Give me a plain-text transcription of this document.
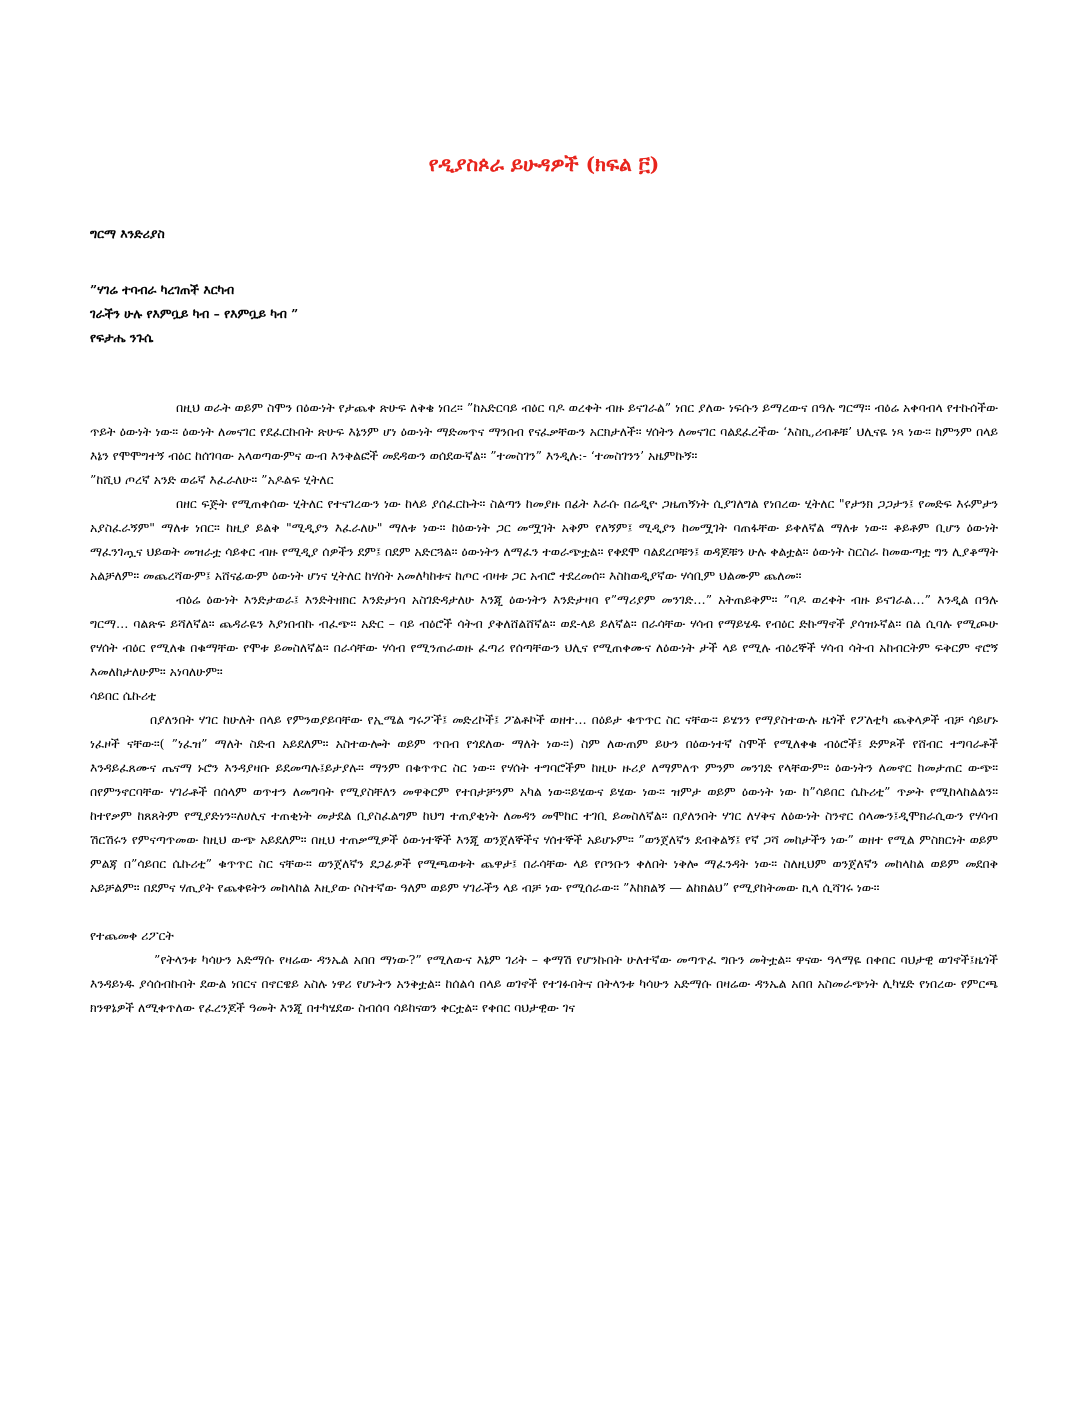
የዲያስጶራ ይሁዳዎች (ክፍል ፫)
ግርማ እንድሪያስ
”ሃገሬ ተባብራ ካረገጠች እርካብ
ገራችን ሁሉ የእምቧይ ካብ – የእምቧይ ካብ ”
የፍታሔ ንጉሴ

በዚህ ወራት ወይም ስሞን በዕውነት የታጨቀ ጽሁፍ ለቅቄ ነበረ። ”ከአድርባይ ብዕር ባዶ ወረቀት ብዙ ይናገራል” ነበር ያለው ነፍሱን ይማረውና በዓሉ ግርማ። ብዕሬ አቀባብላ የተኩሰችው ጥይት ዕውነት ነው። ዕውነት ለመናገር የደፈርኩበት ጽሁፍ እኔንም ሆነ ዕውነት ማድመጥና ማንበብ የናፈቃቸውን አርክታለች። ሃሰትን ለመናገር ባልደፈረችው ‘እስኪ,ሪብቶቹ’ ህሊናዬ ነጻ ነው። ከምንም በላይ እኔን የሞሞግተኝ ብዕር ከሰገባው አላወጣውምና ውብ እንቅልፎች መደዳውን ወሰደውኛል። ”ተመስገን” እንዲሉ:- ‘ተመስገንን’ አዜምኩኝ።

”ከሺህ ጦረኛ አንድ ወሬኛ እፈራለሁ። ”አዶልፍ ሂትለር

በዘር ፍጅት የሚጠቀሰው ሂትለር የተናገረውን ነው ከላይ ያሰፈርኩት። ስልጣን ከመያዙ በፊት እራሱ በሬዲዮ ጋዜጠኝነት ሲያገለግል የነበረው ሂትለር "የታንክ ጋጋታን፤ የመድፍ እሩምታን አያስፈራኝም" ማለቱ ነበር። ከዚያ ይልቅ "ሚዲያን እፈራለሁ" ማለቱ ነው። ከዕውነት ጋር መሟገት አቅም የለኝም፤ ሚዲያን ከመሟገት ባጠፋቸው ይቀለኛል ማለቱ ነው። ቆይቶም ቢሆን ዕውነት ማፈንገጧና ህይወት መዝራቷ ሳይቀር ብዙ የሚዲያ ሰዎችን ደም፤ በደም አድርጓል። ዕውነትን ለማፈን ተወራጭቷል። የቀደሞ ባልደረቦቹን፤ ወዳጆቹን ሁሉ ቀልቷል። ዕውነት ስርስራ ከመውጣቷ ግን ሊያቆማት አልቻለም። መጨረሻውም፤ አሸናፊውም ዕውነት ሆነና ሂትለር ከሃሰት አመለካከቱና ከጦር ብዛቱ ጋር አብሮ ተደረመሰ። እስከወዲያኛው ሃሳቢም ህልሙም ጨለመ።

ብዕሬ ዕውነት እንድታወራ፤ እንድትዘክር እንድታነባ አስገድዳታለሁ እንጂ ዕውነትን እንድታዛባ የ”ማሪያም መንገድ…” አትጠይቅም። ”ባዶ ወረቀት ብዙ ይናገራል…” እንዲል በዓሉ ግርማ… ባልጽፍ ይሻለኛል። ጨዳራዬን እያነበብኩ ብፈጭ። አድር – ባይ ብዕሮች ሳትብ ያቅለሸልሸኛል። ወደ-ላይ ይለኛል። በራሳቸው ሃሳብ የማይሄዱ የብዕር ድኩማኖች ያሳዝኑኛል። በል ሲባሉ የሚጮሁ የሃሰት ብዕር የሚለቁ በቁማቸው የሞቱ ይመስለኛል። በራሳቸው ሃሳብ የሚንጠራወዙ ፈጣሪ የሰጣቸውን ህሊና የሚጠቀሙና ለዕውነት ታች ላይ የሚሉ ብዕረኞች ሃሳብ ሳትብ አከብርትም ፍቅርም ኖሮኝ እመለከታለሁም። አነባለሁም።

ሳይበር ሴኩሪቲ

በያለንበት ሃገር ከሁለት በላይ የምንወያይባቸው የኢሜል ግሩፖች፤ መድረኮች፤ ፖልቶኮች ወዘተ… በዕይታ ቁጥጥር ስር ናቸው። ይሄንን የማያስተውሉ ዜጎች የፖለቲካ ጨቅላዎች ብቻ ሳይሆኑ ነፈዞች ናቸው።( ”ነፈዝ” ማለት ስድብ አይደለም። አስተውሎት ወይም ጥበብ የጎደለው ማለት ነው።) ስም ለውጠም ይሁን በዕውነተኛ ስሞች የሚለቀቁ ብዕሮች፤ ድምጾች የሸብር ተግባራቶች እንዳይፈጸሙና ጤናማ ኑሮን እንዳያዛቡ ይደመጣሉ፤ይታያሉ። ማንም በቁጥጥር ስር ነው። የሃሰት ተግባሮችም ከዚሁ ዙሪያ ለማምለጥ ምንም መንገድ የላቸውም። ዕውነትን ለመኖር ከመታጠር ውጭ። በየምንኖርባቸው ሃገራቶች በሰላም ወጥተን ለመግባት የሚያስቸለን መዋቅርም የተበታቻንም አካል ነው።ይሄውና ይሄው ነው። ዝምታ ወይም ዕውነት ነው ከ”ሳይበር ሴኩሪቲ” ጥቃት የሚከላከልልን። ከተየቃም ከጸጸትም የሚያድነን።ለሀሊና ተጠቂነት መታደል ቢያስፈልግም ከህግ ተጠያቂነት ለመዳን መሞከር ተገቢ ይመስለኛል። በያለንበት ሃገር ለሃቅና ለዕውነት ስንኖር ሰላሙን፤ዲሞክራሲውን የሃሳብ ሽርሽሩን የምናጣጥመው ከዚህ ውጭ አይደለም። በዚህ ተጠቃሚዎች ዕውነተኞች እንጂ ወንጀለኞችና ሃሰተኞች አይሆኑም። ”ወንጀለኛን ደብቅልኝ፤ የኛ ጋሻ መከታችን ነው” ወዘተ የሚል ምስክርነት ወይም ምልጃ በ”ሳይበር ሴኩሪቲ” ቁጥጥር ስር ናቸው። ወንጀለኛን ደጋፊዎች የሚጫወቱት ጨዋታ፤ በራሳቸው ላይ የቦንቡን ቀለበት ነቅሎ ማፈንዳት ነው። ስለዚህም ወንጀለኛን መከላከል ወይም መደበቅ አይቻልም። በደምና ሃጢያት የጨቀዩትን መከላከል እዚያው ሶስተኛው ዓለም ወይም ሃገራችን ላይ ብቻ ነው የሚሰራው። ”እከክልኝ — ልከክልህ” የሚያከትመው ኪላ ሲሻገሩ ነው።

የተጨመቀ ሪፖርት

”የትላንቱ ካሳሁን አድማሱ የዛሬው ዳንኤል አበበ ማነው?” የሚለውና እኔም ገሪት – ቀማሽ የሆንኩበት ሁለተኛው መጣጥፈ ግቡን መትቷል። ዋናው ዓላማዬ በቀበር ባህታዊ ወገኖች፤ዜጎች እንዳይነዱ ያሳሰብኩበት ደውል ነበርና በኖርዌይ አስሉ ነዋሪ የሆኑትን አንቅቷል። ከሰልሳ በላይ ወገኖች የተገፉበትና በትላንቱ ካሳሁን አድማሱ በዛሬው ዳንኤል አበበ አስመራጭነት ሊካሄድ የነበረው የምርጫ ክንዋኔዎች ለሚቀጥለው የፈረንጆች ዓመት እንጂ በተካሄደው ስብሰባ ሳይከናወን ቀርቷል። የቀበር ባህታዊው ገና
